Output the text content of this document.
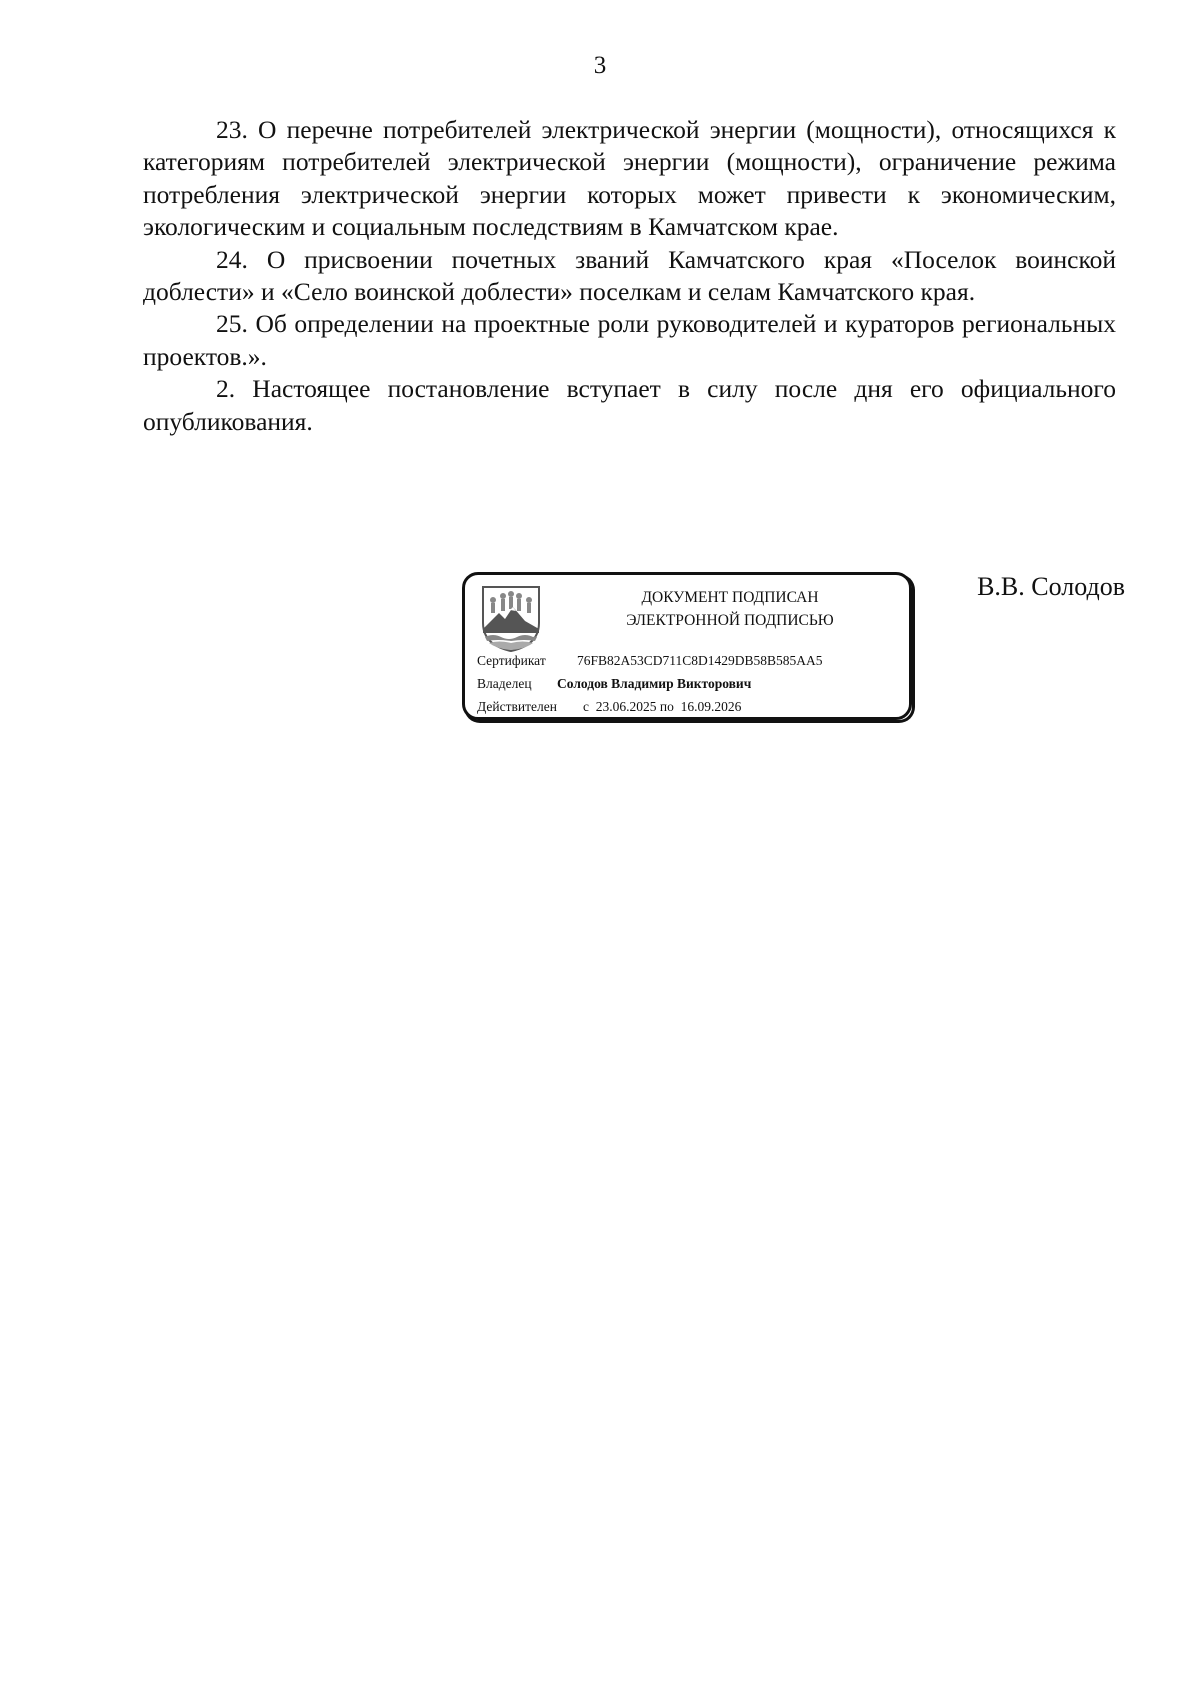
3

23. О перечне потребителей электрической энергии (мощности), относящихся к категориям потребителей электрической энергии (мощности), ограничение режима потребления электрической энергии которых может привести к экономическим, экологическим и социальным последствиям в Камчатском крае.

24. О присвоении почетных званий Камчатского края «Поселок воинской доблести» и «Село воинской доблести» поселкам и селам Камчатского края.

25. Об определении на проектные роли руководителей и кураторов региональных проектов.».

2. Настоящее постановление вступает в силу после дня его официального опубликования.

ДОКУМЕНТ ПОДПИСАН
ЭЛЕКТРОННОЙ ПОДПИСЬЮ
Сертификат 76FB82A53CD711C8D1429DB58B585AA5
Владелец Солодов Владимир Викторович
Действителен с  23.06.2025 по  16.09.2026
В.В. Солодов
